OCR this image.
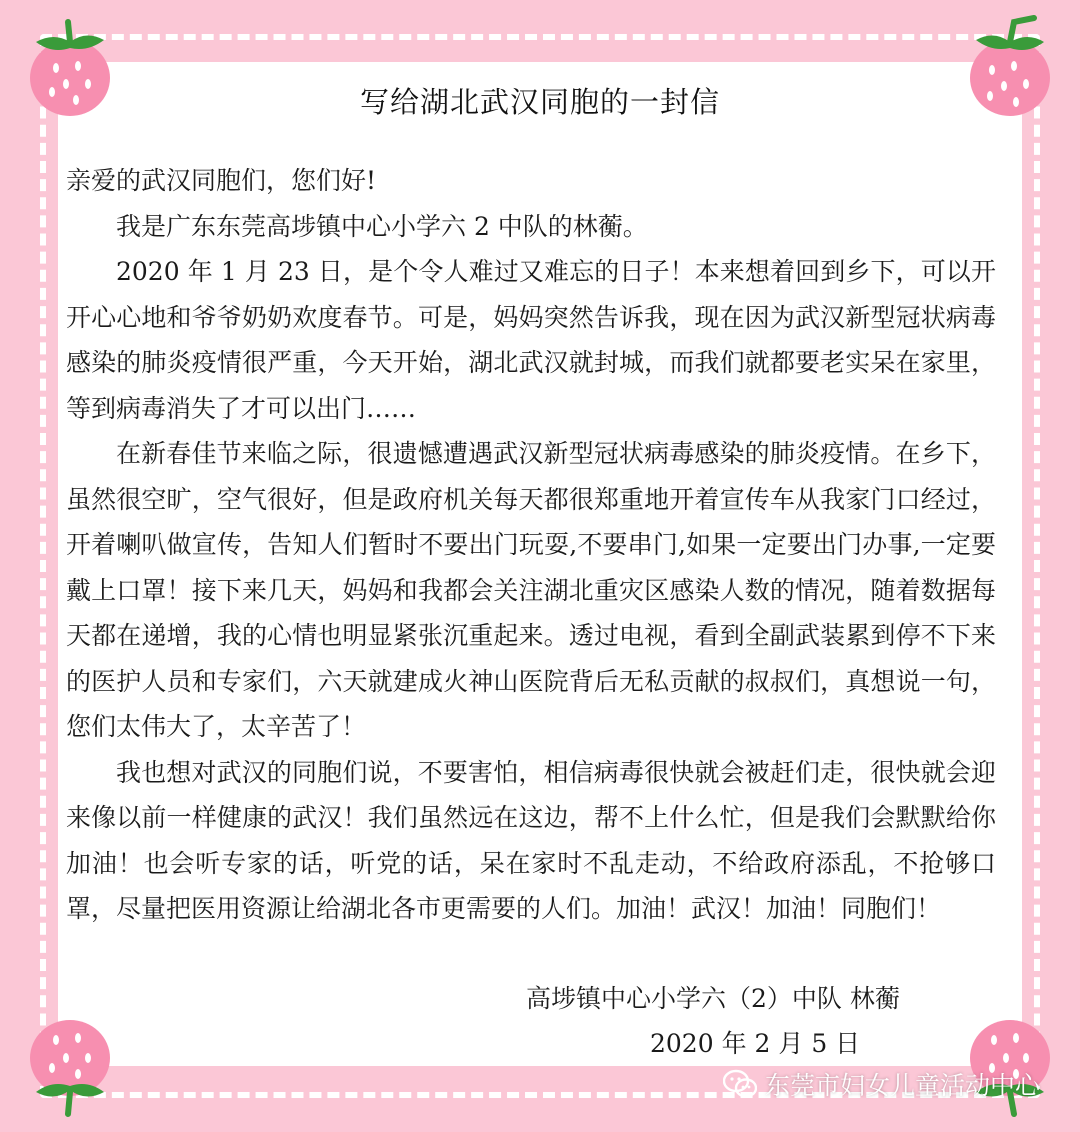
写给湖北武汉同胞的一封信

亲爱的武汉同胞们，您们好!

我是广东东莞高埗镇中心小学六 2 中队的林蘅。

2020 年 1 月 23 日，是个令人难过又难忘的日子！本来想着回到乡下，可以开开心心地和爷爷奶奶欢度春节。可是，妈妈突然告诉我，现在因为武汉新型冠状病毒感染的肺炎疫情很严重，今天开始，湖北武汉就封城，而我们就都要老实呆在家里，等到病毒消失了才可以出门……

在新春佳节来临之际，很遗憾遭遇武汉新型冠状病毒感染的肺炎疫情。在乡下，虽然很空旷，空气很好，但是政府机关每天都很郑重地开着宣传车从我家门口经过，开着喇叭做宣传，告知人们暂时不要出门玩耍,不要串门,如果一定要出门办事,一定要戴上口罩！接下来几天，妈妈和我都会关注湖北重灾区感染人数的情况，随着数据每天都在递增，我的心情也明显紧张沉重起来。透过电视，看到全副武装累到停不下来的医护人员和专家们，六天就建成火神山医院背后无私贡献的叔叔们，真想说一句，您们太伟大了，太辛苦了！

我也想对武汉的同胞们说，不要害怕，相信病毒很快就会被赶们走，很快就会迎来像以前一样健康的武汉！我们虽然远在这边，帮不上什么忙，但是我们会默默给你加油！也会听专家的话，听党的话，呆在家时不乱走动，不给政府添乱，不抢够口罩，尽量把医用资源让给湖北各市更需要的人们。加油！武汉！加油！同胞们！

高埗镇中心小学六（2）中队 林蘅
2020 年 2 月 5 日
东莞市妇女儿童活动中心
